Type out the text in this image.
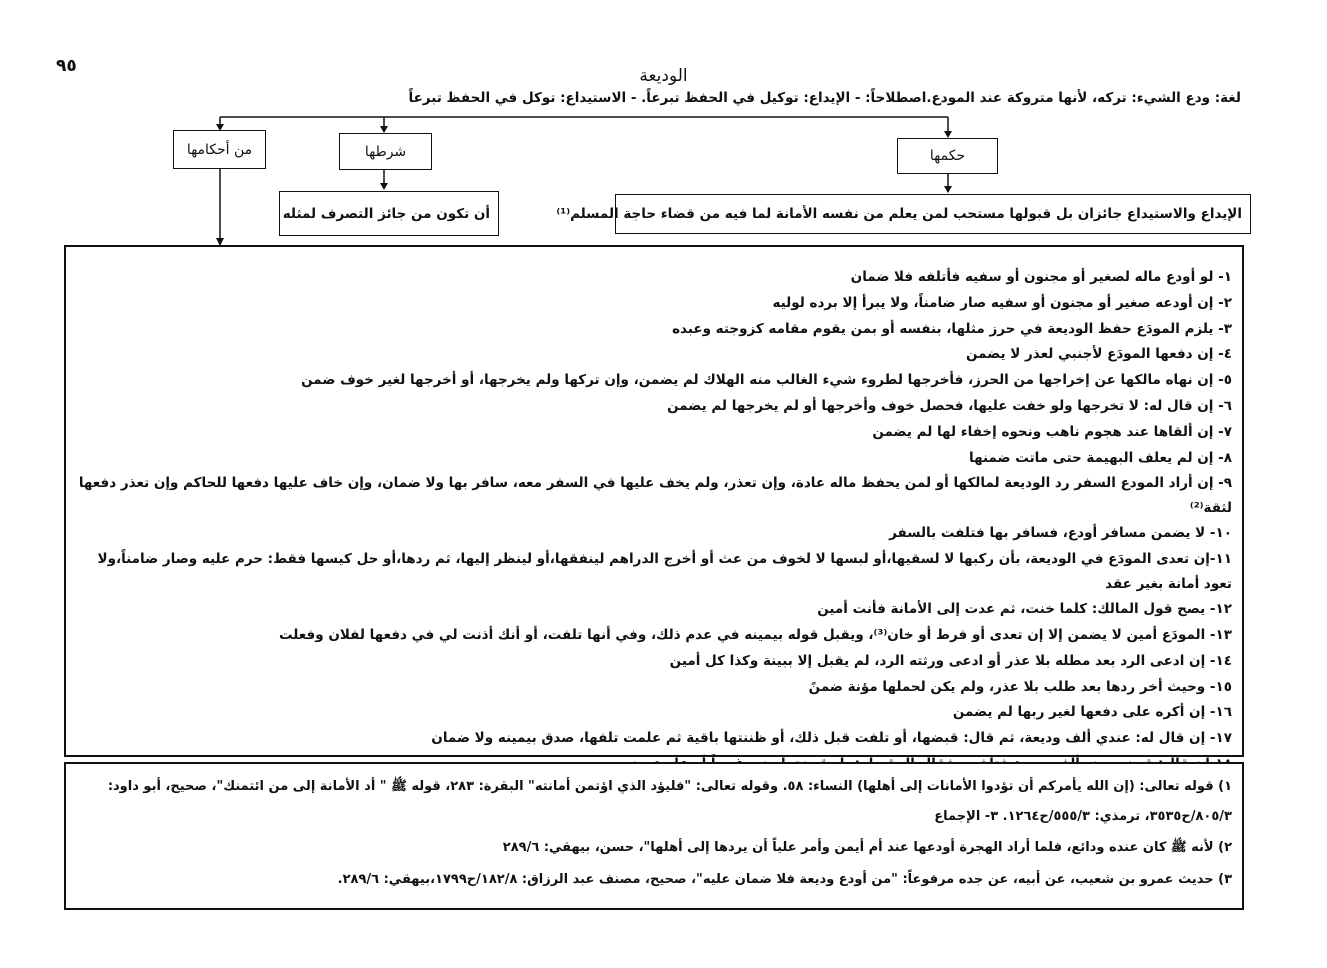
٩٥	الوديعة
لغة: ودع الشيء: تركه، لأنها متروكة عند المودع.اصطلاحاً: - الإيداع: توكيل في الحفظ تبرعاً. - الاستيداع: توكل في الحفظ تبرعاً
من أحكامها	شرطها	حكمها
أن تكون من جائز التصرف لمثله	الإيداع والاستيداع جائزان بل قبولها مستحب لمن يعلم من نفسه الأمانة لما فيه من قضاء حاجة المسلم⁽¹⁾
١- لو أودع ماله لصغير أو مجنون أو سفيه فأتلفه فلا ضمان
٢- إن أودعه صغير أو مجنون أو سفيه صار ضامناً، ولا يبرأ إلا برده لوليه
٣- يلزم المودَع حفظ الوديعة في حرز مثلها، بنفسه أو بمن يقوم مقامه كزوجته وعبده
٤- إن دفعها المودَع لأجنبي لعذر لا يضمن
٥- إن نهاه مالكها عن إخراجها من الحرز، فأخرجها لطروء شيء الغالب منه الهلاك لم يضمن، وإن تركها ولم يخرجها، أو أخرجها لغير خوف ضمن
٦- إن قال له: لا تخرجها ولو خفت عليها، فحصل خوف وأخرجها أو لم يخرجها لم يضمن
٧- إن ألقاها عند هجوم ناهب ونحوه إخفاء لها لم يضمن
٨- إن لم يعلف البهيمة حتى ماتت ضمنها
٩- إن أراد المودع السفر رد الوديعة لمالكها أو لمن يحفظ ماله عادة، وإن تعذر، ولم يخف عليها في السفر معه، سافر بها ولا ضمان، وإن خاف عليها دفعها للحاكم وإن تعذر دفعها لثقة⁽²⁾
١٠- لا يضمن مسافر أودع، فسافر بها فتلفت بالسفر
١١-إن تعدى المودَع في الوديعة، بأن ركبها لا لسقيها،أو لبسها لا لخوف من عث أو أخرج الدراهم لينفقها،أو لينظر إليها، ثم ردها،أو حل كيسها فقط: حرم عليه وصار ضامناً،ولا تعود أمانة بغير عقد
١٢- يصح قول المالك: كلما خنت، ثم عدت إلى الأمانة فأنت أمين
١٣- المودَع أمين لا يضمن إلا إن تعدى أو فرط أو خان⁽³⁾، ويقبل قوله بيمينه في عدم ذلك، وفي أنها تلفت، أو أنك أذنت لي في دفعها لفلان وفعلت
١٤- إن ادعى الرد بعد مطله بلا عذر أو ادعى ورثته الرد، لم يقبل إلا ببينة وكذا كل أمين
١٥- وحيث أخر ردها بعد طلب بلا عذر، ولم يكن لحملها مؤنة ضمنً
١٦- إن أكره على دفعها لغير ربها لم يضمن
١٧- إن قال له: عندي ألف وديعة، ثم قال: قبضها، أو تلفت قبل ذلك، أو ظننتها باقية ثم علمت تلفها، صدق بيمينه ولا ضمان
١) قوله تعالى: (إن الله يأمركم أن تؤدوا الأمانات إلى أهلها) النساء: ٥٨. وقوله تعالى: "فليؤد الذي اؤتمن أمانته" البقرة: ٢٨٣، قوله ﷺ " أد الأمانة إلى من ائتمنك"، صحيح، أبو داود: ٨٠٥/٣/ح٣٥٣٥، ترمذي: ٥٥٥/٣/ح١٢٦٤. ٣- الإجماع
٢) لأنه ﷺ كان عنده ودائع، فلما أراد الهجرة أودعها عند أم أيمن وأمر علياً أن يردها إلى أهلها"، حسن، بيهقي: ٢٨٩/٦
٣) حديث عمرو بن شعيب، عن أبيه، عن جده مرفوعاً: "من أودع وديعة فلا ضمان عليه"، صحيح، مصنف عبد الرزاق: ١٨٢/٨/ح١٧٩٩،بيهقي: ٢٨٩/٦.
